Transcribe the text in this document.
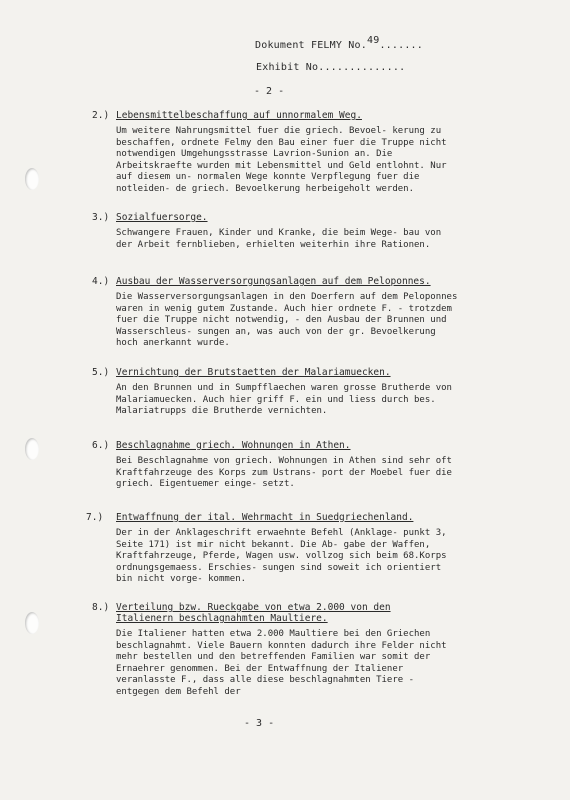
Dokument FELMY No.49.......
Exhibit No..............
- 2 -
2.) Lebensmittelbeschaffung auf unnormalem Weg.
Um weitere Nahrungsmittel fuer die griech. Bevoel- kerung zu beschaffen, ordnete Felmy den Bau einer fuer die Truppe nicht notwendigen Umgehungsstrasse Lavrion-Sunion an. Die Arbeitskraefte wurden mit Lebensmittel und Geld entlohnt. Nur auf diesem un- normalen Wege konnte Verpflegung fuer die notleiden- de griech. Bevoelkerung herbeigeholt werden.
3.) Sozialfuersorge.
Schwangere Frauen, Kinder und Kranke, die beim Wege- bau von der Arbeit fernblieben, erhielten weiterhin ihre Rationen.
4.) Ausbau der Wasserversorgungsanlagen auf dem Peloponnes.
Die Wasserversorgungsanlagen in den Doerfern auf dem Peloponnes waren in wenig gutem Zustande. Auch hier ordnete F. - trotzdem fuer die Truppe nicht notwendig, - den Ausbau der Brunnen und Wasserschleus- sungen an, was auch von der gr. Bevoelkerung hoch anerkannt wurde.
5.) Vernichtung der Brutstaetten der Malariamuecken.
An den Brunnen und in Sumpfflaechen waren grosse Brutherde von Malariamuecken. Auch hier griff F. ein und liess durch bes. Malariatrupps die Brutherde vernichten.
6.) Beschlagnahme griech. Wohnungen in Athen.
Bei Beschlagnahme von griech. Wohnungen in Athen sind sehr oft Kraftfahrzeuge des Korps zum Ustrans- port der Moebel fuer die griech. Eigentuemer einge- setzt.
7.) Entwaffnung der ital. Wehrmacht in Suedgriechenland.
Der in der Anklageschrift erwaehnte Befehl (Anklage- punkt 3, Seite 171) ist mir nicht bekannt. Die Ab- gabe der Waffen, Kraftfahrzeuge, Pferde, Wagen usw. vollzog sich beim 68.Korps ordnungsgemaess. Erschies- sungen sind soweit ich orientiert bin nicht vorge- kommen.
8.) Verteilung bzw. Rueckgabe von etwa 2.000 von den
Italienern beschlagnahmten Maultiere.
Die Italiener hatten etwa 2.000 Maultiere bei den Griechen beschlagnahmt. Viele Bauern konnten dadurch ihre Felder nicht mehr bestellen und den betreffenden Familien war somit der Ernaehrer genommen. Bei der Entwaffnung der Italiener veranlasste F., dass alle diese beschlagnahmten Tiere - entgegen dem Befehl der
- 3 -
